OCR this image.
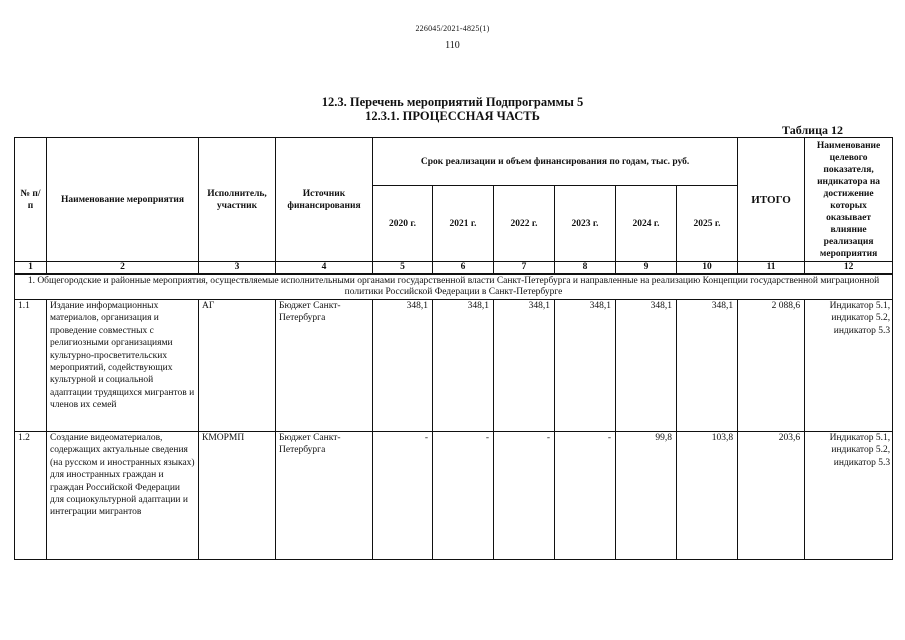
226045/2021-4825(1)
110
12.3. Перечень мероприятий Подпрограммы 5
12.3.1. ПРОЦЕССНАЯ ЧАСТЬ
Таблица 12
№ п/п	Наименование мероприятия	Исполнитель, участник	Источник финансирования	Срок реализации и объем финансирования по годам, тыс. руб.						ИТОГО	Наименование целевого показателя, индикатора на достижение которых оказывает влияние реализация мероприятия
				2020 г.	2021 г.	2022 г.	2023 г.	2024 г.	2025 г.		
1	2	3	4	5	6	7	8	9	10	11	12
1. Общегородские и районные мероприятия, осуществляемые исполнительными органами государственной власти Санкт-Петербурга и направленные на реализацию Концепции государственной миграционной политики Российской Федерации в Санкт-Петербурге											
1.1	Издание информационных материалов, организация и проведение совместных с религиозными организациями культурно-просветительских мероприятий, содействующих культурной и социальной адаптации трудящихся мигрантов и членов их семей	АГ	Бюджет Санкт-Петербурга	348,1	348,1	348,1	348,1	348,1	348,1	2 088,6	Индикатор 5.1, индикатор 5.2, индикатор 5.3
1.2	Создание видеоматериалов, содержащих актуальные сведения (на русском и иностранных языках) для иностранных граждан и граждан Российской Федерации для социокультурной адаптации и интеграции мигрантов	КМОРМП	Бюджет Санкт-Петербурга	-	-	-	-	99,8	103,8	203,6	Индикатор 5.1, индикатор 5.2, индикатор 5.3
